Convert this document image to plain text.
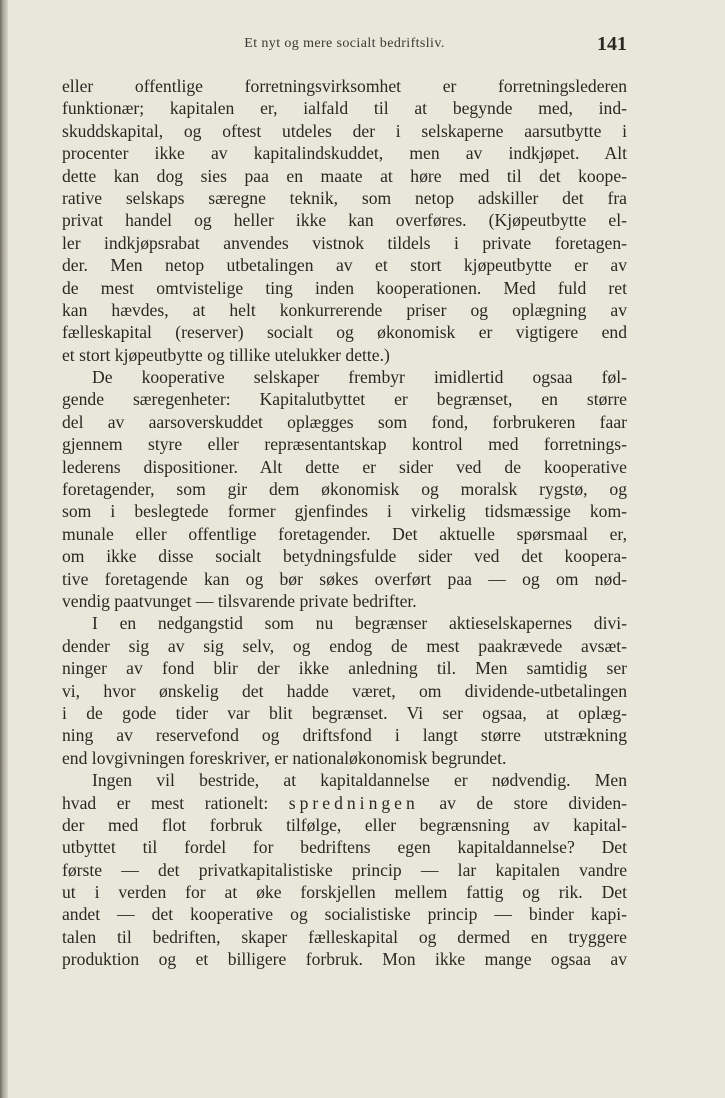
Et nyt og mere socialt bedriftsliv.	141
eller offentlige forretningsvirksomhet er forretningslederen
funktionær; kapitalen er, ialfald til at begynde med, ind-
skuddskapital, og oftest utdeles der i selskaperne aarsutbytte i
procenter ikke av kapitalindskuddet, men av indkjøpet. Alt
dette kan dog sies paa en maate at høre med til det koope-
rative selskaps særegne teknik, som netop adskiller det fra
privat handel og heller ikke kan overføres. (Kjøpeutbytte el-
ler indkjøpsrabat anvendes vistnok tildels i private foretagen-
der. Men netop utbetalingen av et stort kjøpeutbytte er av
de mest omtvistelige ting inden kooperationen. Med fuld ret
kan hævdes, at helt konkurrerende priser og oplægning av
fælleskapital (reserver) socialt og økonomisk er vigtigere end
et stort kjøpeutbytte og tillike utelukker dette.)
De kooperative selskaper frembyr imidlertid ogsaa føl-
gende særegenheter: Kapitalutbyttet er begrænset, en større
del av aarsoverskuddet oplægges som fond, forbrukeren faar
gjennem styre eller repræsentantskap kontrol med forretnings-
lederens dispositioner. Alt dette er sider ved de kooperative
foretagender, som gir dem økonomisk og moralsk rygstø, og
som i beslegtede former gjenfindes i virkelig tidsmæssige kom-
munale eller offentlige foretagender. Det aktuelle spørsmaal er,
om ikke disse socialt betydningsfulde sider ved det koopera-
tive foretagende kan og bør søkes overført paa — og om nød-
vendig paatvunget — tilsvarende private bedrifter.
I en nedgangstid som nu begrænser aktieselskapernes divi-
dender sig av sig selv, og endog de mest paakrævede avsæt-
ninger av fond blir der ikke anledning til. Men samtidig ser
vi, hvor ønskelig det hadde været, om dividende-utbetalingen
i de gode tider var blit begrænset. Vi ser ogsaa, at oplæg-
ning av reservefond og driftsfond i langt større utstrækning
end lovgivningen foreskriver, er nationaløkonomisk begrundet.
Ingen vil bestride, at kapitaldannelse er nødvendig. Men
hvad er mest rationelt: spredningen av de store dividen-
der med flot forbruk tilfølge, eller begrænsning av kapital-
utbyttet til fordel for bedriftens egen kapitaldannelse? Det
første — det privatkapitalistiske princip — lar kapitalen vandre
ut i verden for at øke forskjellen mellem fattig og rik. Det
andet — det kooperative og socialistiske princip — binder kapi-
talen til bedriften, skaper fælleskapital og dermed en tryggere
produktion og et billigere forbruk. Mon ikke mange ogsaa av
